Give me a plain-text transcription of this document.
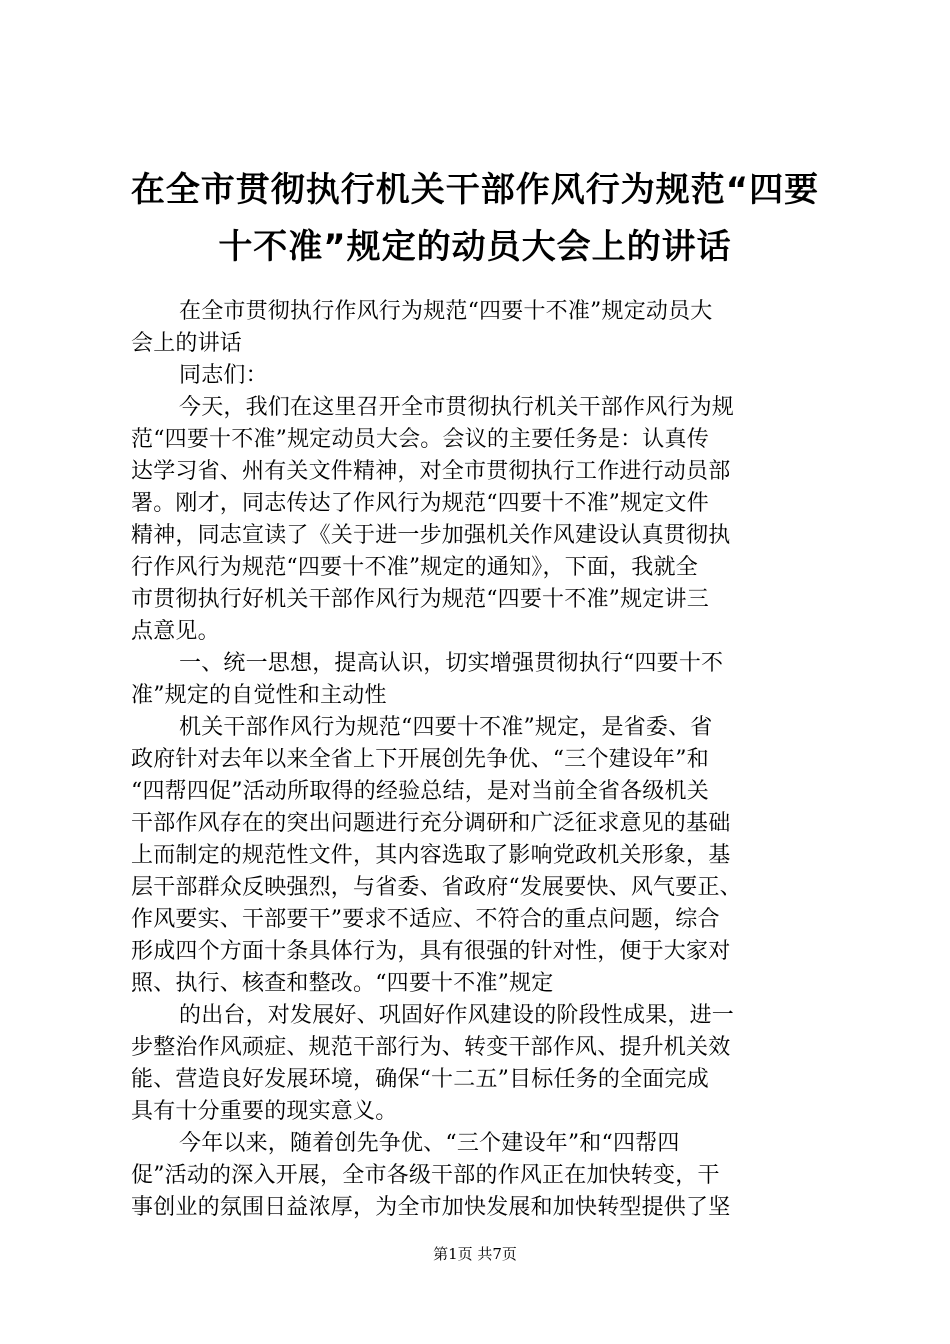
在全市贯彻执行机关干部作风行为规范“四要
十不准”规定的动员大会上的讲话
在全市贯彻执行作风行为规范“四要十不准”规定动员大
会上的讲话
同志们：
今天，我们在这里召开全市贯彻执行机关干部作风行为规
范“四要十不准”规定动员大会。会议的主要任务是：认真传
达学习省、州有关文件精神，对全市贯彻执行工作进行动员部
署。刚才，同志传达了作风行为规范“四要十不准”规定文件
精神，同志宣读了《关于进一步加强机关作风建设认真贯彻执
行作风行为规范“四要十不准”规定的通知》，下面，我就全
市贯彻执行好机关干部作风行为规范“四要十不准”规定讲三
点意见。
一、统一思想，提高认识，切实增强贯彻执行“四要十不
准”规定的自觉性和主动性
机关干部作风行为规范“四要十不准”规定，是省委、省
政府针对去年以来全省上下开展创先争优、“三个建设年”和
“四帮四促”活动所取得的经验总结，是对当前全省各级机关
干部作风存在的突出问题进行充分调研和广泛征求意见的基础
上而制定的规范性文件，其内容选取了影响党政机关形象，基
层干部群众反映强烈，与省委、省政府“发展要快、风气要正、
作风要实、干部要干”要求不适应、不符合的重点问题，综合
形成四个方面十条具体行为，具有很强的针对性，便于大家对
照、执行、核查和整改。“四要十不准”规定
的出台，对发展好、巩固好作风建设的阶段性成果，进一
步整治作风顽症、规范干部行为、转变干部作风、提升机关效
能、营造良好发展环境，确保“十二五”目标任务的全面完成
具有十分重要的现实意义。
今年以来，随着创先争优、“三个建设年”和“四帮四
促”活动的深入开展，全市各级干部的作风正在加快转变，干
事创业的氛围日益浓厚，为全市加快发展和加快转型提供了坚
第1页 共7页
